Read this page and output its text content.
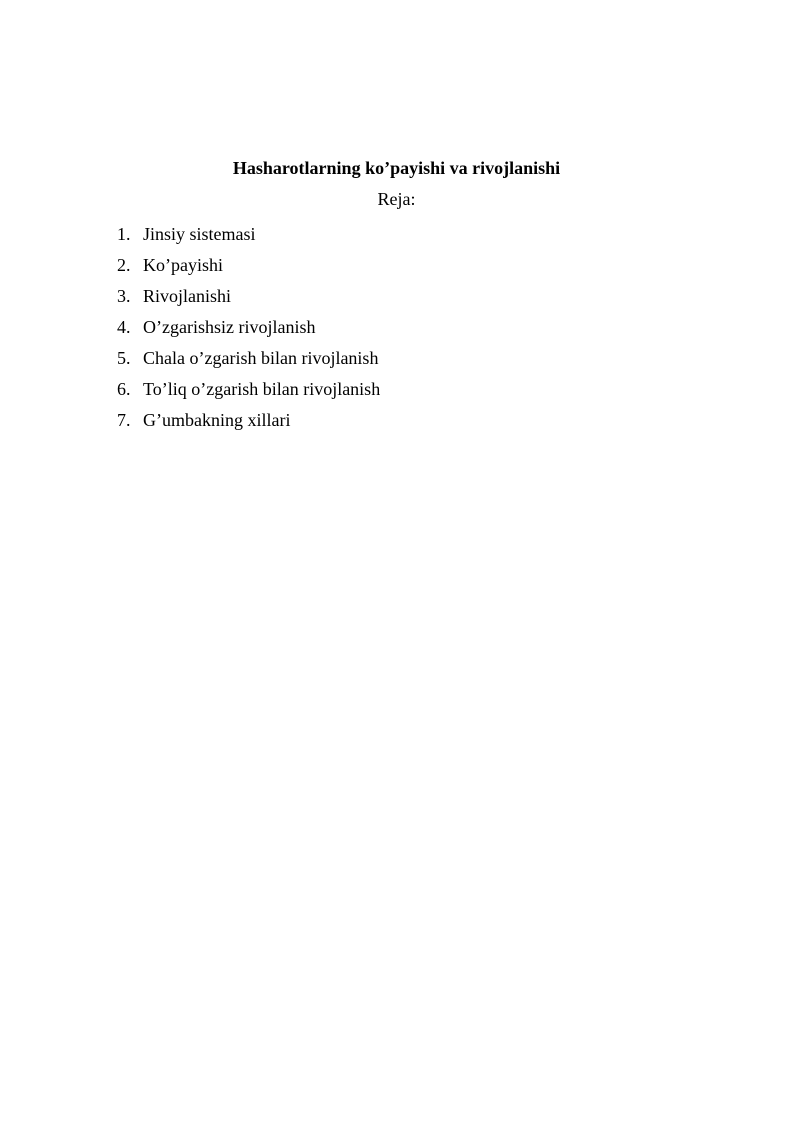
Hasharotlarning ko’payishi va rivojlanishi
Reja:
1. Jinsiy sistemasi
2. Ko’payishi
3. Rivojlanishi
4. O’zgarishsiz rivojlanish
5. Chala o’zgarish bilan rivojlanish
6. To’liq o’zgarish bilan rivojlanish
7. G’umbakning xillari
